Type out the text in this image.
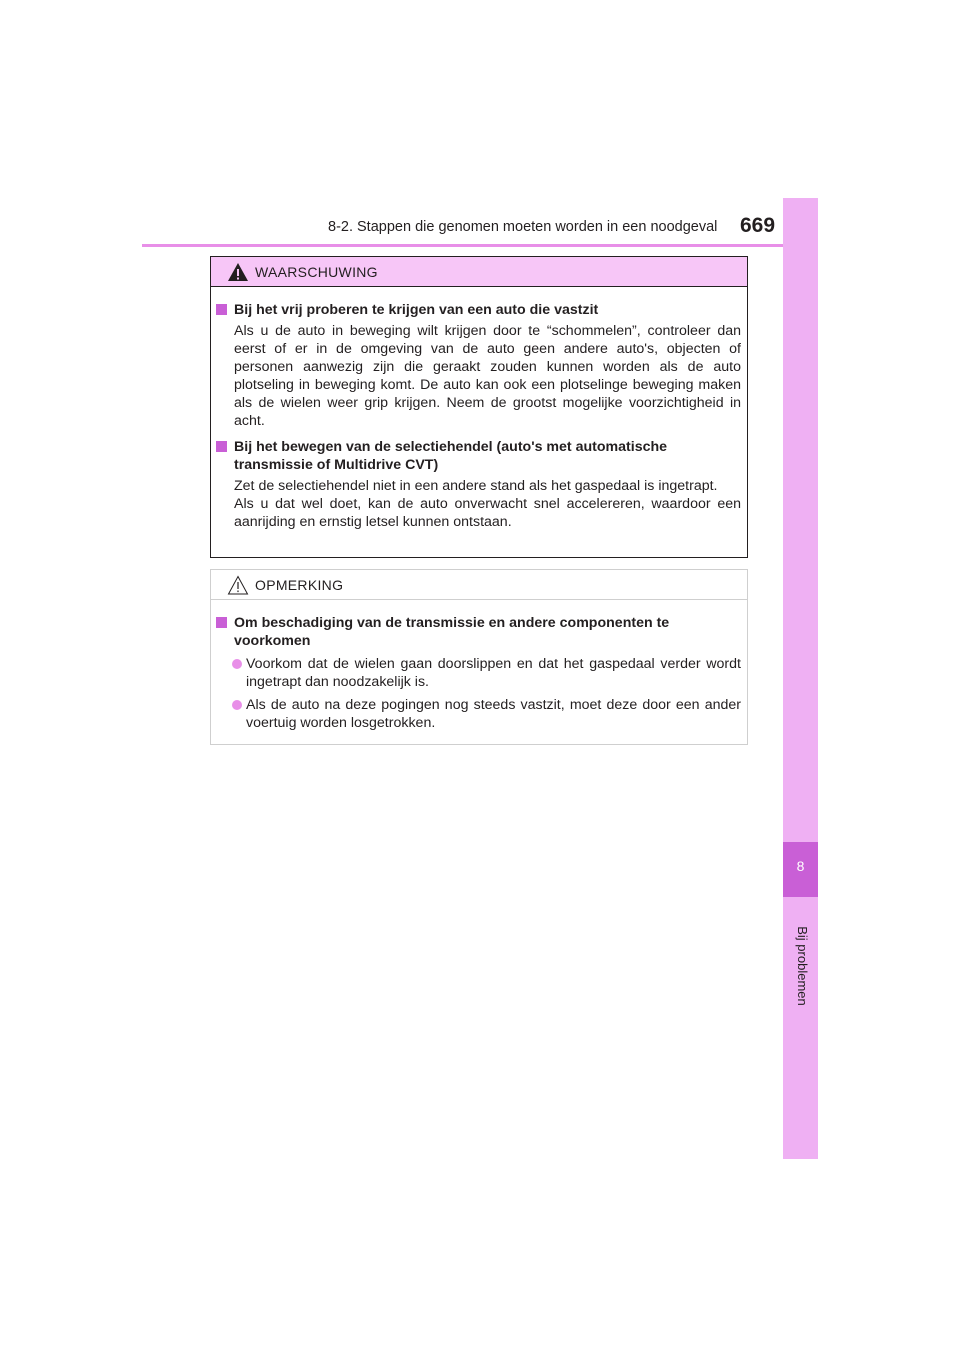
8-2. Stappen die genomen moeten worden in een noodgeval 669
8
Bij problemen
WAARSCHUWING
Bij het vrij proberen te krijgen van een auto die vastzit

Als u de auto in beweging wilt krijgen door te “schommelen”, controleer dan eerst of er in de omgeving van de auto geen andere auto's, objecten of personen aanwezig zijn die geraakt zouden kunnen worden als de auto plotseling in beweging komt. De auto kan ook een plotselinge beweging maken als de wielen weer grip krijgen. Neem de grootst mogelijke voorzichtigheid in acht.

Bij het bewegen van de selectiehendel (auto's met automatische transmissie of Multidrive CVT)

Zet de selectiehendel niet in een andere stand als het gaspedaal is ingetrapt.

Als u dat wel doet, kan de auto onverwacht snel accelereren, waardoor een aanrijding en ernstig letsel kunnen ontstaan.

OPMERKING
Om beschadiging van de transmissie en andere componenten te voorkomen
Voorkom dat de wielen gaan doorslippen en dat het gaspedaal verder wordt ingetrapt dan noodzakelijk is.
Als de auto na deze pogingen nog steeds vastzit, moet deze door een ander voertuig worden losgetrokken.
